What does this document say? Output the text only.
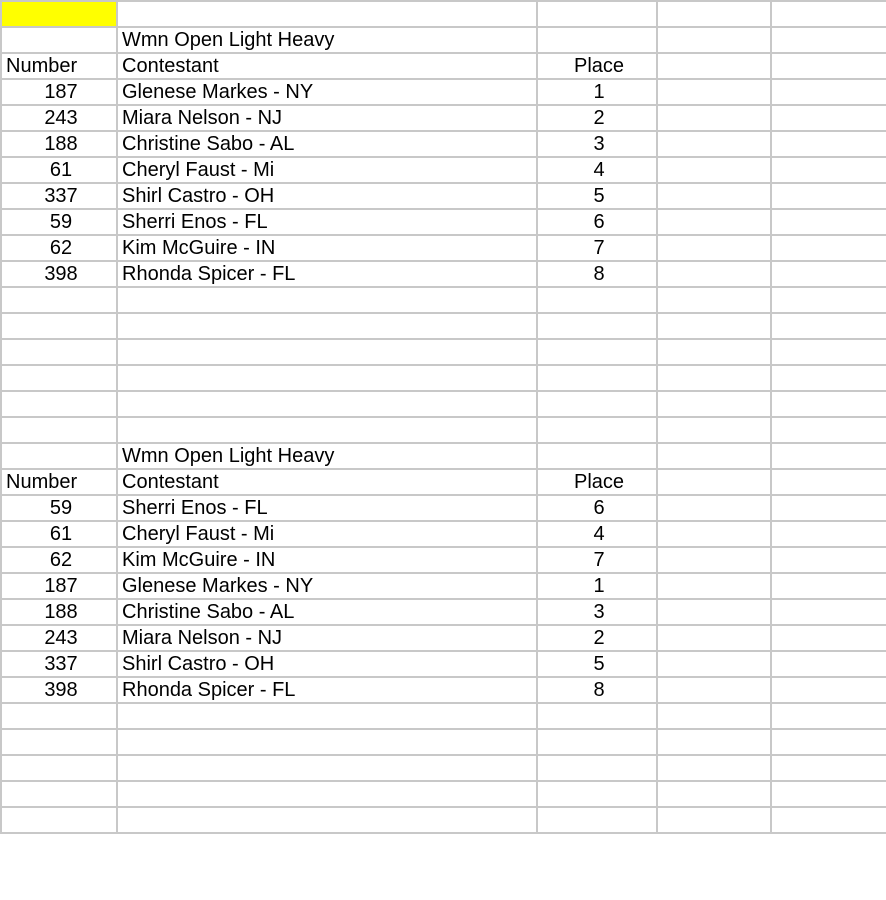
	Wmn Open Light Heavy			
Number	Contestant	Place		
187	Glenese Markes - NY	1		
243	Miara Nelson - NJ	2		
188	Christine Sabo - AL	3		
61	Cheryl Faust - Mi	4		
337	Shirl Castro - OH	5		
59	Sherri Enos - FL	6		
62	Kim McGuire - IN	7		
398	Rhonda Spicer - FL	8		

	Wmn Open Light Heavy			
Number	Contestant	Place		
59	Sherri Enos - FL	6		
61	Cheryl Faust - Mi	4		
62	Kim McGuire - IN	7		
187	Glenese Markes - NY	1		
188	Christine Sabo - AL	3		
243	Miara Nelson - NJ	2		
337	Shirl Castro - OH	5		
398	Rhonda Spicer - FL	8		
